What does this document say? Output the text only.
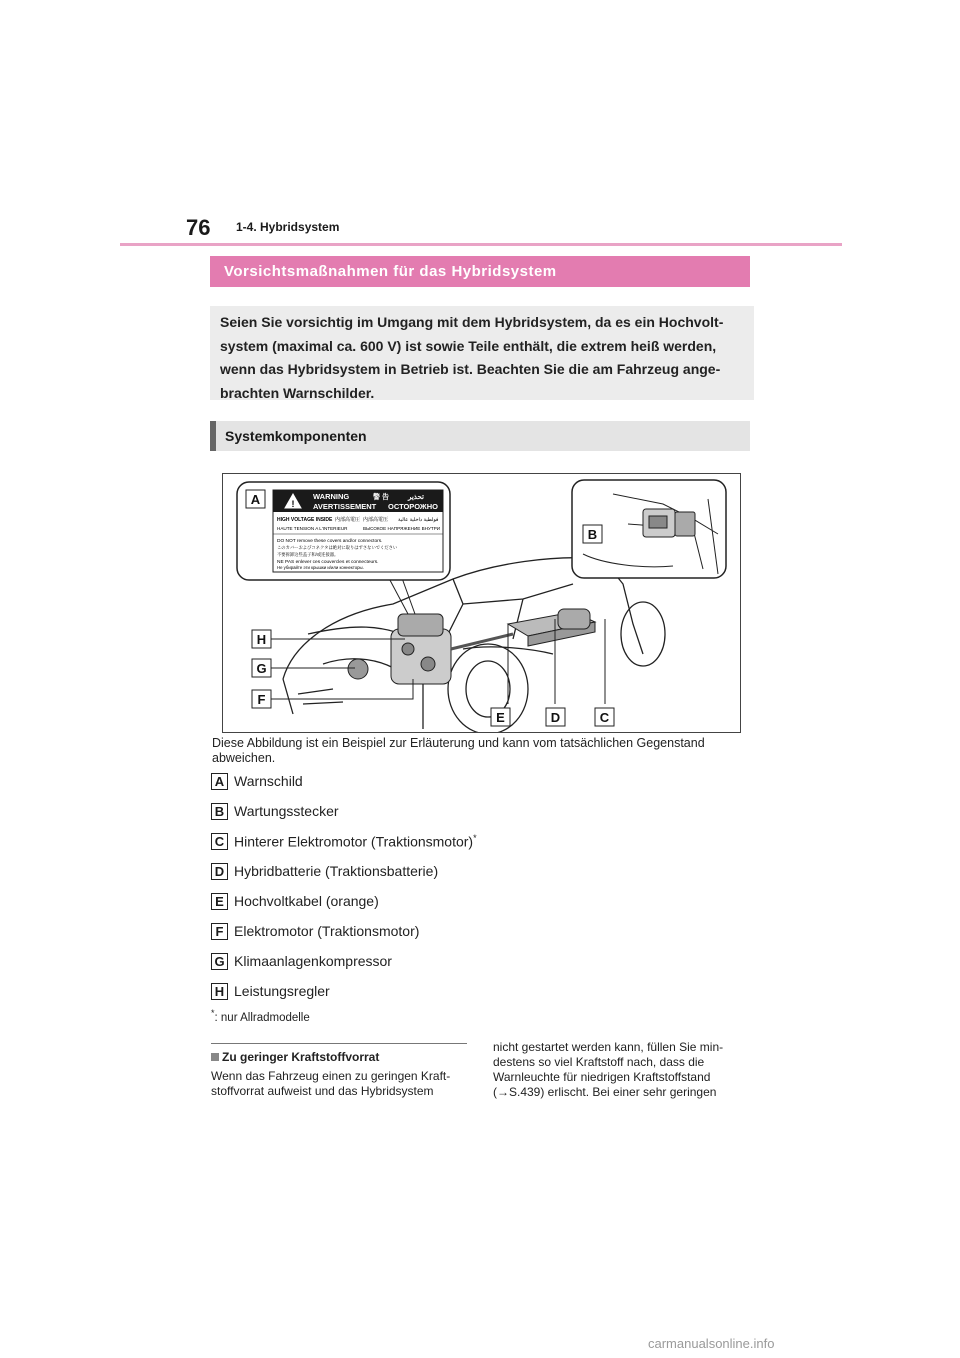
76 1-4. Hybridsystem
Vorsichtsmaßnahmen für das Hybridsystem
Seien Sie vorsichtig im Umgang mit dem Hybridsystem, da es ein Hochvolt-system (maximal ca. 600 V) ist sowie Teile enthält, die extrem heiß werden, wenn das Hybridsystem in Betrieb ist. Beachten Sie die am Fahrzeug ange-brachten Warnschilder.
Systemkomponenten
!
WARNING	警 告	تحذير
AVERTISSEMENT ОСТОРОЖНО
HIGH VOLTAGE INSIDE 内部高電圧 内部高電压 فولطية داخلية عالية
HAUTE TENSION A L'INTERIEUR	ВЫСОКОЕ НАПРЯЖЕНИЕ ВНУТРИ
DO NOT remove these covers and/or connectors.
このカバーおよびコネクタは絶対に取りはずさないでください
不要拆卸这些盖子和/或连接器。
NE PAS enlever ces couvercles et connecteurs.
Не убирайте эти крышки и/или коннекторы.
A
B
H
G
F
E	D	C
Diese Abbildung ist ein Beispiel zur Erläuterung und kann vom tatsächlichen Gegenstand abweichen.
A Warnschild
B Wartungsstecker
C Hinterer Elektromotor (Traktionsmotor)*
D Hybridbatterie (Traktionsbatterie)
E Hochvoltkabel (orange)
F Elektromotor (Traktionsmotor)
G Klimaanlagenkompressor
H Leistungsregler
*: nur Allradmodelle
Zu geringer Kraftstoffvorrat
Wenn das Fahrzeug einen zu geringen Kraft-stoffvorrat aufweist und das Hybridsystem
nicht gestartet werden kann, füllen Sie min-destens so viel Kraftstoff nach, dass die Warnleuchte für niedrigen Kraftstoffstand (→S.439) erlischt. Bei einer sehr geringen
carmanualsonline.info
